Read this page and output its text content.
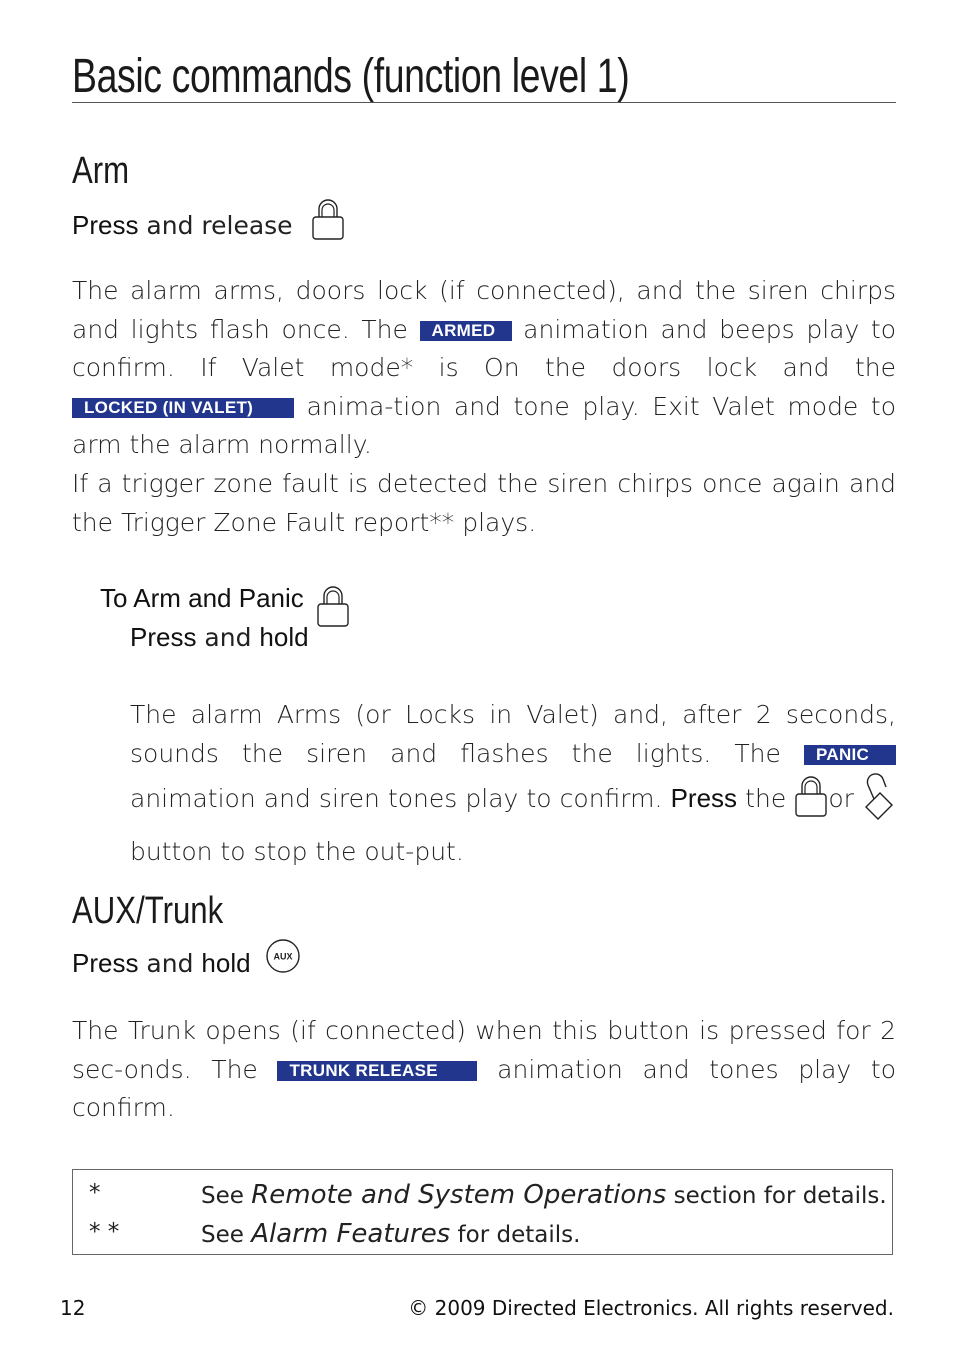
Basic commands (function level 1)
Arm
Press and release
The alarm arms, doors lock (if connected), and the siren chirps and lights flash once. The ARMED animation and beeps play to confirm. If Valet mode* is On the doors lock and the LOCKED (IN VALET) anima-tion and tone play. Exit Valet mode to arm the alarm normally.
If a trigger zone fault is detected the siren chirps once again and the Trigger Zone Fault report** plays.
To Arm and Panic
Press and hold
The alarm Arms (or Locks in Valet) and, after 2 seconds, sounds the siren and flashes the lights. The PANIC animation and siren tones play to confirm. Press the or  button to stop the out-put.
AUX/Trunk
Press and hold AUX
The Trunk opens (if connected) when this button is pressed for 2 sec-onds. The TRUNK RELEASE animation and tones play to confirm.
*	See Remote and System Operations section for details.
* *	See Alarm Features for details.
12	© 2009 Directed Electronics. All rights reserved.
